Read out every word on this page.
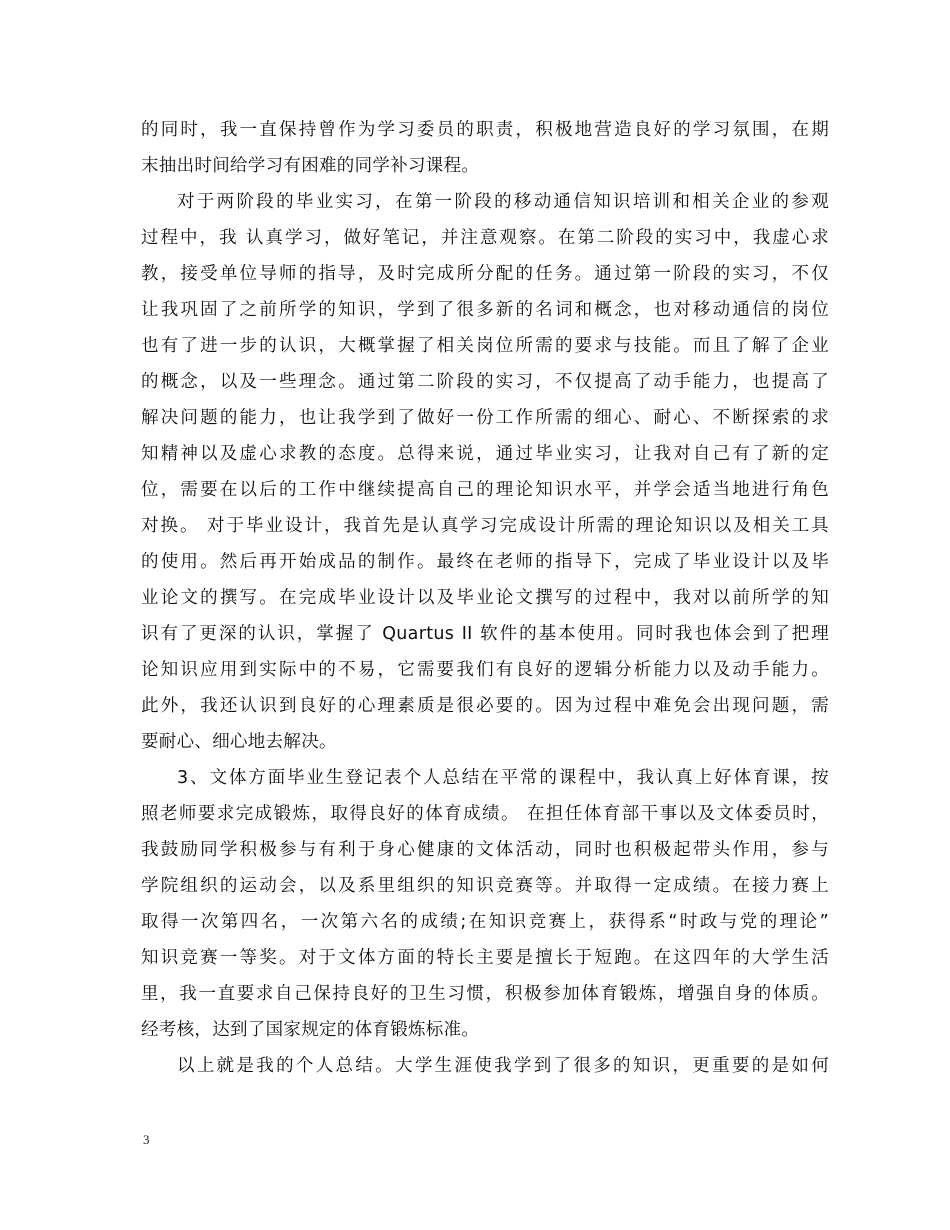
的同时，我一直保持曾作为学习委员的职责，积极地营造良好的学习氛围，在期
末抽出时间给学习有困难的同学补习课程。
对于两阶段的毕业实习，在第一阶段的移动通信知识培训和相关企业的参观
过程中，我 认真学习，做好笔记，并注意观察。在第二阶段的实习中，我虚心求
教，接受单位导师的指导，及时完成所分配的任务。通过第一阶段的实习，不仅
让我巩固了之前所学的知识，学到了很多新的名词和概念，也对移动通信的岗位
也有了进一步的认识，大概掌握了相关岗位所需的要求与技能。而且了解了企业
的概念，以及一些理念。通过第二阶段的实习，不仅提高了动手能力，也提高了
解决问题的能力，也让我学到了做好一份工作所需的细心、耐心、不断探索的求
知精神以及虚心求教的态度。总得来说，通过毕业实习，让我对自己有了新的定
位，需要在以后的工作中继续提高自己的理论知识水平，并学会适当地进行角色
对换。 对于毕业设计，我首先是认真学习完成设计所需的理论知识以及相关工具
的使用。然后再开始成品的制作。最终在老师的指导下，完成了毕业设计以及毕
业论文的撰写。在完成毕业设计以及毕业论文撰写的过程中，我对以前所学的知
识有了更深的认识，掌握了 Quartus II 软件的基本使用。同时我也体会到了把理
论知识应用到实际中的不易，它需要我们有良好的逻辑分析能力以及动手能力。
此外，我还认识到良好的心理素质是很必要的。因为过程中难免会出现问题，需
要耐心、细心地去解决。
3、文体方面毕业生登记表个人总结在平常的课程中，我认真上好体育课，按
照老师要求完成锻炼，取得良好的体育成绩。 在担任体育部干事以及文体委员时，
我鼓励同学积极参与有利于身心健康的文体活动，同时也积极起带头作用，参与
学院组织的运动会，以及系里组织的知识竞赛等。并取得一定成绩。在接力赛上
取得一次第四名，一次第六名的成绩;在知识竞赛上，获得系“时政与党的理论”
知识竞赛一等奖。对于文体方面的特长主要是擅长于短跑。在这四年的大学生活
里，我一直要求自己保持良好的卫生习惯，积极参加体育锻炼，增强自身的体质。
经考核，达到了国家规定的体育锻炼标准。
以上就是我的个人总结。大学生涯使我学到了很多的知识，更重要的是如何
3
